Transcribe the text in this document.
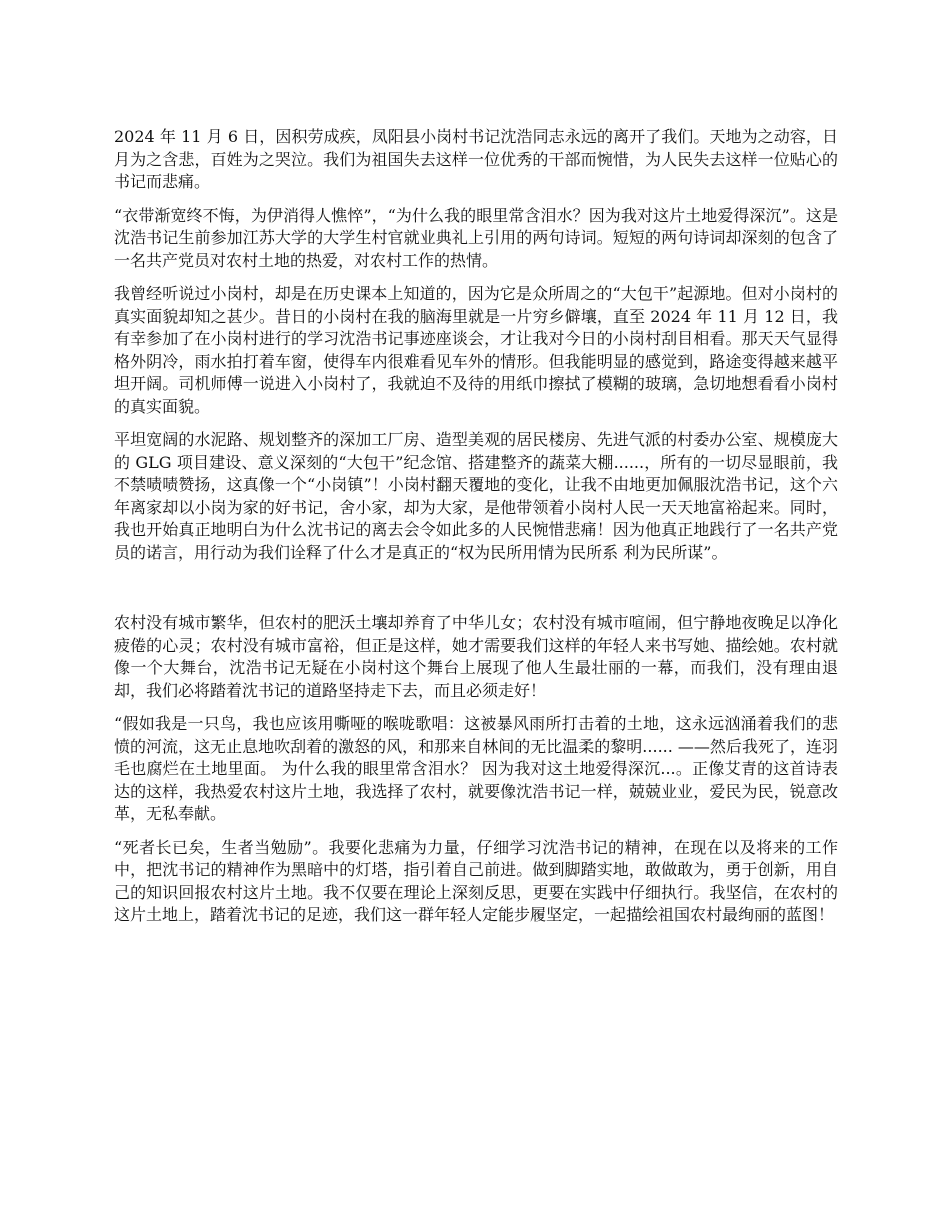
2024 年 11 月 6 日，因积劳成疾，凤阳县小岗村书记沈浩同志永远的离开了我们。天地为之动容，日月为之含悲，百姓为之哭泣。我们为祖国失去这样一位优秀的干部而惋惜，为人民失去这样一位贴心的书记而悲痛。

“衣带渐宽终不悔，为伊消得人憔悴”，“为什么我的眼里常含泪水？因为我对这片土地爱得深沉”。这是沈浩书记生前参加江苏大学的大学生村官就业典礼上引用的两句诗词。短短的两句诗词却深刻的包含了一名共产党员对农村土地的热爱，对农村工作的热情。

我曾经听说过小岗村，却是在历史课本上知道的，因为它是众所周之的“大包干”起源地。但对小岗村的真实面貌却知之甚少。昔日的小岗村在我的脑海里就是一片穷乡僻壤，直至 2024 年 11 月 12 日，我有幸参加了在小岗村进行的学习沈浩书记事迹座谈会，才让我对今日的小岗村刮目相看。那天天气显得格外阴冷，雨水拍打着车窗，使得车内很难看见车外的情形。但我能明显的感觉到，路途变得越来越平坦开阔。司机师傅一说进入小岗村了，我就迫不及待的用纸巾擦拭了模糊的玻璃，急切地想看看小岗村的真实面貌。

平坦宽阔的水泥路、规划整齐的深加工厂房、造型美观的居民楼房、先进气派的村委办公室、规模庞大的 GLG 项目建设、意义深刻的“大包干”纪念馆、搭建整齐的蔬菜大棚......，所有的一切尽显眼前，我不禁啧啧赞扬，这真像一个“小岗镇”！小岗村翻天覆地的变化，让我不由地更加佩服沈浩书记，这个六年离家却以小岗为家的好书记，舍小家，却为大家，是他带领着小岗村人民一天天地富裕起来。同时，我也开始真正地明白为什么沈书记的离去会令如此多的人民惋惜悲痛！因为他真正地践行了一名共产党员的诺言，用行动为我们诠释了什么才是真正的“权为民所用情为民所系 利为民所谋”。

农村没有城市繁华，但农村的肥沃土壤却养育了中华儿女；农村没有城市喧闹，但宁静地夜晚足以净化疲倦的心灵；农村没有城市富裕，但正是这样，她才需要我们这样的年轻人来书写她、描绘她。农村就像一个大舞台，沈浩书记无疑在小岗村这个舞台上展现了他人生最壮丽的一幕，而我们，没有理由退却，我们必将踏着沈书记的道路坚持走下去，而且必须走好！

“假如我是一只鸟，我也应该用嘶哑的喉咙歌唱：这被暴风雨所打击着的土地，这永远汹涌着我们的悲愤的河流，这无止息地吹刮着的激怒的风，和那来自林间的无比温柔的黎明...... ——然后我死了，连羽毛也腐烂在土地里面。 为什么我的眼里常含泪水？ 因为我对这土地爱得深沉...。正像艾青的这首诗表达的这样，我热爱农村这片土地，我选择了农村，就要像沈浩书记一样，兢兢业业，爱民为民，锐意改革，无私奉献。

“死者长已矣，生者当勉励”。我要化悲痛为力量，仔细学习沈浩书记的精神，在现在以及将来的工作中，把沈书记的精神作为黑暗中的灯塔，指引着自己前进。做到脚踏实地，敢做敢为，勇于创新，用自己的知识回报农村这片土地。我不仅要在理论上深刻反思，更要在实践中仔细执行。我坚信，在农村的这片土地上，踏着沈书记的足迹，我们这一群年轻人定能步履坚定，一起描绘祖国农村最绚丽的蓝图！
